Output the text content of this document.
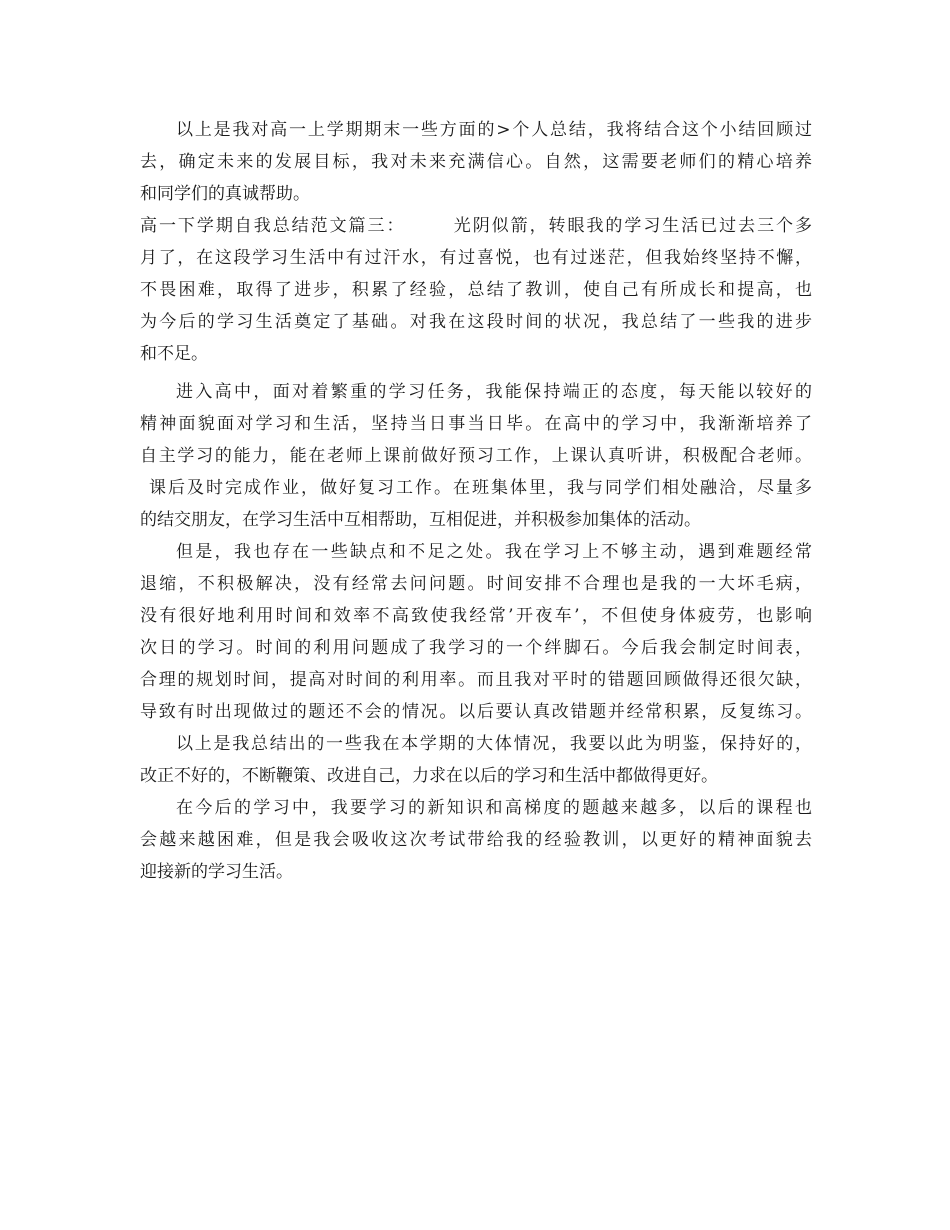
以上是我对高一上学期期末一些方面的>个人总结，我将结合这个小结回顾过
去，确定未来的发展目标，我对未来充满信心。自然，这需要老师们的精心培养
和同学们的真诚帮助。
高一下学期自我总结范文篇三：　　　光阴似箭，转眼我的学习生活已过去三个多
月了，在这段学习生活中有过汗水，有过喜悦，也有过迷茫，但我始终坚持不懈，
不畏困难，取得了进步，积累了经验，总结了教训，使自己有所成长和提高，也
为今后的学习生活奠定了基础。对我在这段时间的状况，我总结了一些我的进步
和不足。
进入高中，面对着繁重的学习任务，我能保持端正的态度，每天能以较好的
精神面貌面对学习和生活，坚持当日事当日毕。在高中的学习中，我渐渐培养了
自主学习的能力，能在老师上课前做好预习工作，上课认真听讲，积极配合老师。
课后及时完成作业，做好复习工作。在班集体里，我与同学们相处融洽，尽量多
的结交朋友，在学习生活中互相帮助，互相促进，并积极参加集体的活动。
但是，我也存在一些缺点和不足之处。我在学习上不够主动，遇到难题经常
退缩，不积极解决，没有经常去问问题。时间安排不合理也是我的一大坏毛病，
没有很好地利用时间和效率不高致使我经常’开夜车’，不但使身体疲劳，也影响
次日的学习。时间的利用问题成了我学习的一个绊脚石。今后我会制定时间表，
合理的规划时间，提高对时间的利用率。而且我对平时的错题回顾做得还很欠缺，
导致有时出现做过的题还不会的情况。以后要认真改错题并经常积累，反复练习。
以上是我总结出的一些我在本学期的大体情况，我要以此为明鉴，保持好的，
改正不好的，不断鞭策、改进自己，力求在以后的学习和生活中都做得更好。
在今后的学习中，我要学习的新知识和高梯度的题越来越多，以后的课程也
会越来越困难，但是我会吸收这次考试带给我的经验教训，以更好的精神面貌去
迎接新的学习生活。
